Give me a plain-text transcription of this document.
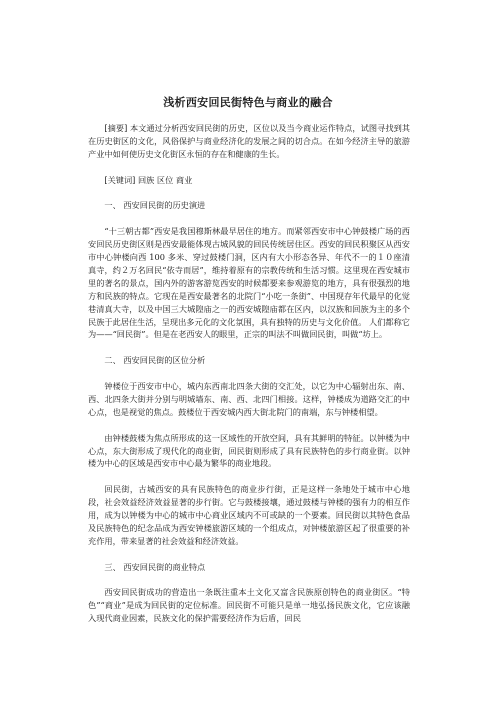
浅析西安回民街特色与商业的融合

[摘要] 本文通过分析西安回民街的历史，区位以及当今商业运作特点，试图寻找到其在历史街区的文化，风俗保护与商业经济化的发展之间的切合点。在如今经济主导的旅游产业中如何使历史文化街区永恒的存在和健康的生长。

[关键词] 回族 区位 商业

一、 西安回民街的历史演进

“十三朝古都”西安是我国穆斯林最早居住的地方。而紧邻西安市中心钟鼓楼广场的西安回民历史街区则是西安最能体现古城风貌的回民传统居住区。西安的回民积聚区从西安市中心钟楼向西 100 多米、穿过鼓楼门洞，区内有大小形态各异、年代不一的１０座清真寺，约２万名回民“依寺而居”，维持着原有的宗教传统和生活习惯。这里现在西安城市里的著名的景点，国内外的游客游览西安的时候都要来参观游览的地方，具有很强烈的地方和民族的特点。它现在是西安最著名的北院门“小吃一条街”、中国现存年代最早的化觉巷清真大寺，以及中国三大城隍庙之一的西安城隍庙都在区内，以汉族和回族为主的多个民族于此居住生活，呈现出多元化的文化氛围，具有独特的历史与文化价值。 人们都称它为——“回民街”。但是在老西安人的眼里，正宗的叫法不叫做回民街，叫做“坊上。

二、 西安回民街的区位分析

钟楼位于西安市中心，城内东西南北四条大街的交汇处，以它为中心辐射出东、南、西、北四条大街并分别与明城墙东、南、西、北四门相接。这样，钟楼成为道路交汇的中心点，也是视觉的焦点。鼓楼位于西安城内西大街北院门的南端，东与钟楼相望。

由钟楼鼓楼为焦点所形成的这一区域性的开放空间，具有其鲜明的特征。以钟楼为中心点，东大街形成了现代化的商业街，回民街则形成了具有民族特色的步行商业街。以钟楼为中心的区域是西安市中心最为繁华的商业地段。

回民街，古城西安的具有民族特色的商业步行街，正是这样一条地处于城市中心地段，社会效益经济效益显著的步行街。它与鼓楼接壤，通过鼓楼与钟楼的强有力的相互作用，成为以钟楼为中心的城市中心商业区域内不可或缺的一个要素。回民街以其特色食品及民族特色的纪念品成为西安钟楼旅游区域的一个组成点，对钟楼旅游区起了很重要的补充作用，带来显著的社会效益和经济效益。

三、 西安回民街的商业特点

西安回民街成功的营造出一条既注重本土文化又富含民族原创特色的商业街区。“特色”“商业”是成为回民街的定位标准。回民街不可能只是单一地弘扬民族文化，它应该融入现代商业因素，民族文化的保护需要经济作为后盾，回民
